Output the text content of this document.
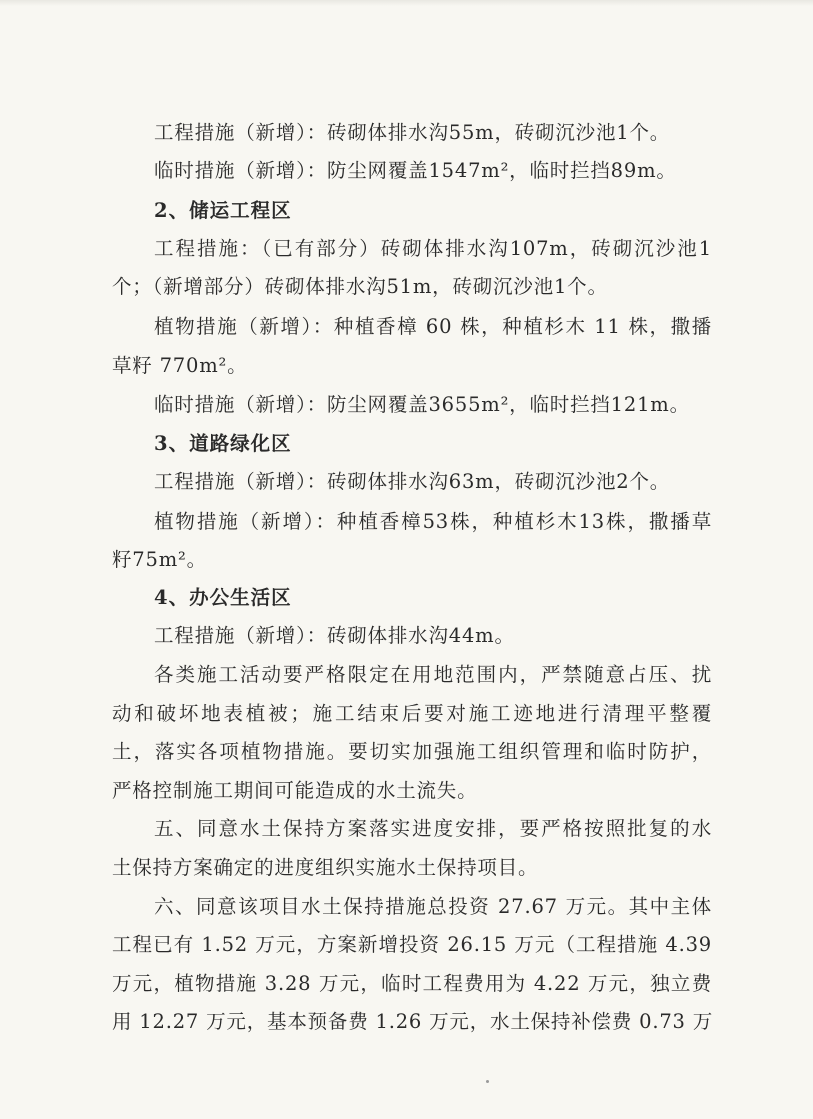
工程措施（新增）：砖砌体排水沟55m，砖砌沉沙池1个。
临时措施（新增）：防尘网覆盖1547m²，临时拦挡89m。
2、储运工程区
工程措施：（已有部分）砖砌体排水沟107m，砖砌沉沙池1
个；（新增部分）砖砌体排水沟51m，砖砌沉沙池1个。
植物措施（新增）：种植香樟 60 株，种植杉木 11 株，撒播
草籽 770m²。
临时措施（新增）：防尘网覆盖3655m²，临时拦挡121m。
3、道路绿化区
工程措施（新增）：砖砌体排水沟63m，砖砌沉沙池2个。
植物措施（新增）：种植香樟53株，种植杉木13株，撒播草
籽75m²。
4、办公生活区
工程措施（新增）：砖砌体排水沟44m。
各类施工活动要严格限定在用地范围内，严禁随意占压、扰
动和破坏地表植被；施工结束后要对施工迹地进行清理平整覆
土，落实各项植物措施。要切实加强施工组织管理和临时防护，
严格控制施工期间可能造成的水土流失。
五、同意水土保持方案落实进度安排，要严格按照批复的水
土保持方案确定的进度组织实施水土保持项目。
六、同意该项目水土保持措施总投资 27.67 万元。其中主体
工程已有 1.52 万元，方案新增投资 26.15 万元（工程措施 4.39
万元，植物措施 3.28 万元，临时工程费用为 4.22 万元，独立费
用 12.27 万元，基本预备费 1.26 万元，水土保持补偿费 0.73 万
